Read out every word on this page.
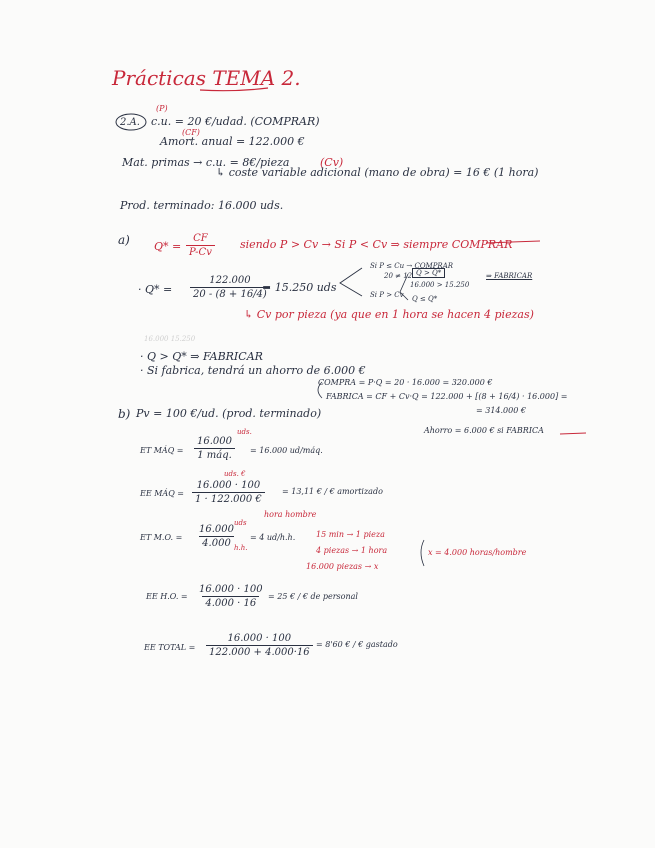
Prácticas TEMA 2.
2.A.
(P)
c.u. = 20 €/udad. (COMPRAR)
(CF)
Amort. anual = 122.000 €
Mat. primas → c.u. = 8€/pieza	(Cv)
↳ coste variable adicional (mano de obra) = 16 € (1 hora)
Prod. terminado: 16.000 uds.
a) $Q* = \frac{CF}{P-Cv}$ siendo P > Cv → Si P < Cv ⇒ siempre COMPRAR
· $Q* = \frac{122.000}{20 - (8 + 16/4)}$
= 15.250 uds
Si P ≤ Cu → COMPRAR
20 ≠ 12
Si P > Cv
Q > Q*
16.000 > 15.250
⇒ FABRICAR
Q ≤ Q*
↳ Cv por pieza (ya que en 1 hora se hacen 4 piezas)
16.000 15.250
· Q > Q* ⇒ FABRICAR
· Si fabrica, tendrá un ahorro de 6.000 €
COMPRA = P·Q = 20 · 16.000 = 320.000 €
FABRICA = CF + Cv·Q = 122.000 + [(8 + 16/4) · 16.000] =
= 314.000 €
Ahorro = 6.000 € si FABRICA
b) Pv = 100 €/ud. (prod. terminado)
ET MÁQ =
uds.
16.000
1 máq.	= 16.000 ud/máq.
EE MÁQ =
uds. €
$\frac{16.000 \cdot 100}{1 \cdot 122.000 €} = 13,11$ € / € amortizado
hora hombre
ET M.O. =
uds
h.h.
$\frac{16.000}{4.000} = 4$ ud/h.h.	15 min → 1 pieza
4 piezas → 1 hora
16.000 piezas → x
x = 4.000 horas/hombre
EE H.O. = $\frac{16.000 \cdot 100}{4.000 \cdot 16} = 25$ € / € de personal
EE TOTAL = $\frac{16.000 \cdot 100}{122.000 + 4.000\cdot 16} = 8'60$ € / € gastado
